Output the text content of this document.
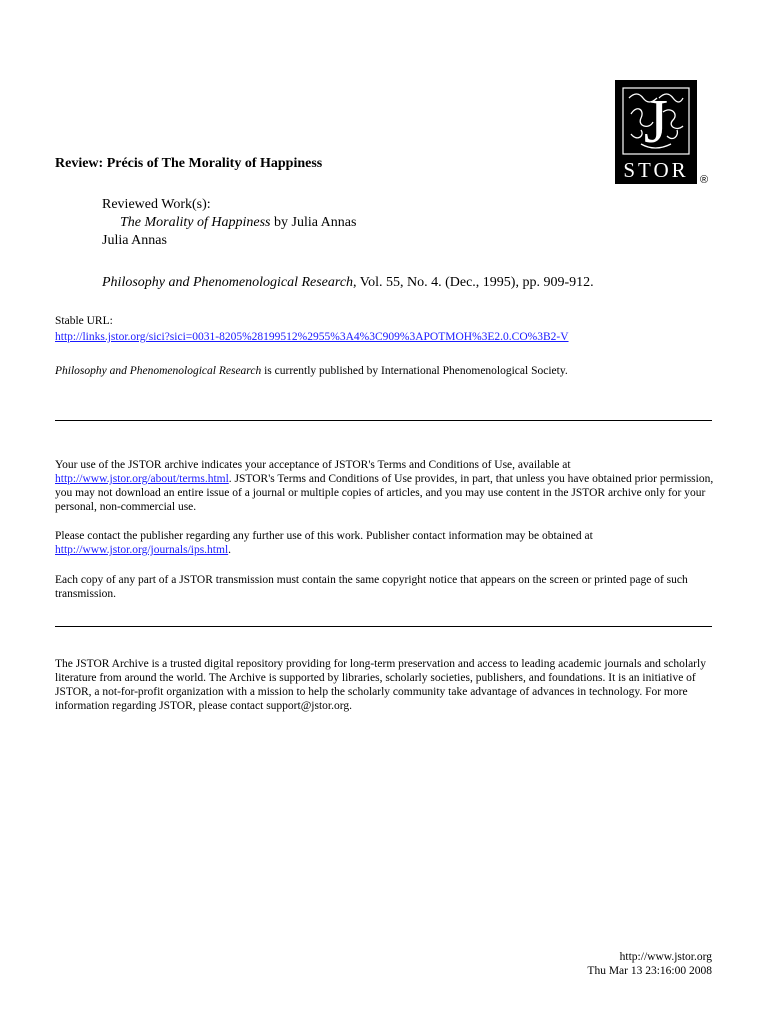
Review: Précis of The Morality of Happiness
J
STOR	®
Reviewed Work(s):
The Morality of Happiness by Julia Annas
Julia Annas
Philosophy and Phenomenological Research, Vol. 55, No. 4. (Dec., 1995), pp. 909-912.
Stable URL:
http://links.jstor.org/sici?sici=0031-8205%28199512%2955%3A4%3C909%3APOTMOH%3E2.0.CO%3B2-V
Philosophy and Phenomenological Research is currently published by International Phenomenological Society.
Your use of the JSTOR archive indicates your acceptance of JSTOR's Terms and Conditions of Use, available at http://www.jstor.org/about/terms.html. JSTOR's Terms and Conditions of Use provides, in part, that unless you have obtained prior permission, you may not download an entire issue of a journal or multiple copies of articles, and you may use content in the JSTOR archive only for your personal, non-commercial use.
Please contact the publisher regarding any further use of this work. Publisher contact information may be obtained at http://www.jstor.org/journals/ips.html.
Each copy of any part of a JSTOR transmission must contain the same copyright notice that appears on the screen or printed page of such transmission.
The JSTOR Archive is a trusted digital repository providing for long-term preservation and access to leading academic journals and scholarly literature from around the world. The Archive is supported by libraries, scholarly societies, publishers, and foundations. It is an initiative of JSTOR, a not-for-profit organization with a mission to help the scholarly community take advantage of advances in technology. For more information regarding JSTOR, please contact support@jstor.org.
http://www.jstor.org
Thu Mar 13 23:16:00 2008
